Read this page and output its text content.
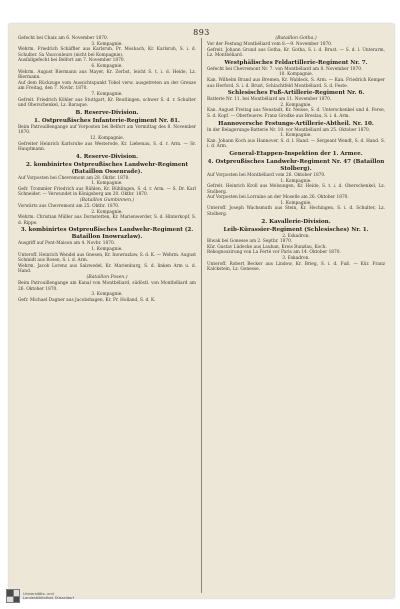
893
Gefecht bei Chaix am 6. November 1870.
3. Kompagnie.
Wehrm. Friedrich Schäffler aus Karlsruh, Pr. Mosbach, Kr. Karlsruh, S. i. d. Schulter. Sa Vaucouleurs (nicht bei Kompagnie).
Ausfallgefecht bei Belfort am 7. November 1870.
6. Kompagnie.
Wehrm. August Biermann aus Mayer, Kr. Zerbst, leicht S. t. i. d. Heide, Lz. Biermann.
Auf dem Rückzuge vom Aussichtspunkt Tobel verw. ausgetreten an der Grenze am Freitag, den 7. Novbr. 1870.
7. Kompagnie.
Gefreit. Friedrich Köhler aus Stuttgart, Kr. Reutlingen, schwer S. d. r. Schulter und Oberschenkel, Lz. Baraque.
B. Reserve-Division.
1. Ostpreußisches Infanterie-Regiment Nr. 81.
Beim Patrouillengange auf Vorposten bei Belfort am Vormittag des 8. November 1870.
12. Kompagnie.
Gefreiter Heinrich Karlsruhe aus Westerode, Kr. Liebenau, S. d. r. Arm. — Sr. Hauptmann.
4. Reserve-Division.
2. kombinirtes Ostpreußisches Landwehr-Regiment (Bataillon Ossenrade).
Auf Vorposten bei Chevremont am 28. Oktbr. 1870.
1. Kompagnie.
Gefr. Trommler Friedrich aus Rühlen, Kr. Bühlingen, S. d. r. Arm. — S. Dr. Karl Schneider. — Verwundet in Königsberg am 20. Oktbr. 1870.
(Bataillon Gumbinnen.)
Vorwärts aus Chevremont am 25. Oktbr. 1870.
2. Kompagnie.
Wehrm. Christian Müller aus Dornstetten, Kr. Marienwerder, S. d. Hinterkopf, S. d. Rippe.
3. kombinirtes Ostpreußisches Landwehr-Regiment (2. Bataillon Inowrazlaw).
Ausgriff auf Pont-Maison am 4. Novbr. 1870.
1. Kompagnie.
Unteroff. Heinrich Wendel aus Gnesen, Kr. Inowrazlaw, S. d. K. — Wehrm. August Schmidt aus Rosen, S. i. d. Arm.
Wehrm. Jacob Lorenz aus Salzwedel, Kr. Marienburg, S. d. linken Arm u. d. Hand.
(Bataillon Posen.)
Beim Patrouillengange am Kanal von Montbéliard, südöstl. von Montbéliard am 26. Oktober 1870.
3. Kompagnie.
Gefr. Michael Dagner aus Jacobshagen, Kr. Pr. Holland, S. d. K.
(Bataillon Gotha.)
Vor der Festung Montbéliard vom 8.—9. November 1870.
Gefreit. Johann Grund aus Gotha, Kr. Gotha, S. i. d. Brust. — S. d. l. Unterarm, Lz. Montbéliard.
Westphälisches Feldartillerie-Regiment Nr. 7.
Gefecht bei Chevremont Nr. 7. von Montbéliard am 8. November 1870.
10. Kompagnie.
Kan. Wilhelm Brand aus Bremen, Kr. Waldeck, S. Arm. — Kan. Friedrich Kemper aus Herford, S. i. d. Brust, Schlachtfeld Montbéliard. S. d. Feste.
Schlesisches Fuß-Artillerie-Regiment Nr. 6.
Batterie Nr. 11. bei Montbéliard am 11. November 1870.
2. Kompagnie.
Kan. August Freitag aus Neustadt, Kr. Neisse, S. d. Unterschenkel und d. Ferse, S. d. Kopf. — Oberfeuerw. Franz Grodke aus Breslau, S. i. d. Arm.
Hannoversche Festungs-Artillerie-Abtheil. Nr. 10.
In der Belagerungs-Batterie Nr. 10. vor Montbéliard am 25. Oktober 1870.
1. Kompagnie.
Kan. Johann Koch aus Hannover, S. d. l. Hand. — Sergeant Wendt, S. d. Hand. S. i. d. Arm.
General-Etappen-Inspektion der 1. Armee.
4. Ostpreußisches Landwehr-Regiment Nr. 47 (Bataillon Stolberg).
Auf Vorposten bei Montbéliard vom 26. Oktober 1870.
1. Kompagnie.
Gefreit. Heinrich Kroll aus Melsungen, Kr. Heide, S. t. i. d. Oberschenkel, Lz. Stolberg.
Auf Vorposten bei Lorraine an der Moselle am 26. Oktober 1870.
1. Kompagnie.
Unteroff. Joseph Wachsmuth aus Stein, Kr. Hechingen, S. i. d. Schulter, Lz. Stolberg.
2. Kavallerie-Division.
Leib-Kürassier-Regiment (Schlesisches) Nr. 1.
2. Eskadron.
Biwak bei Gonesse am 2. Septbr. 1870.
Kür. Gustav Lüdecke aus Lauban, Kreis Bunzlau, Koch.
Rekognoszirung von La Ferté vor Paris am 14. Oktober 1870.
3. Eskadron.
Unteroff. Robert Becker aus Lindow, Kr. Brieg, S. i. d. Fuß. — Kür. Franz Kalckstein, Lz. Gonesse.
Universitäts- und
Landesbibliothek Düsseldorf
